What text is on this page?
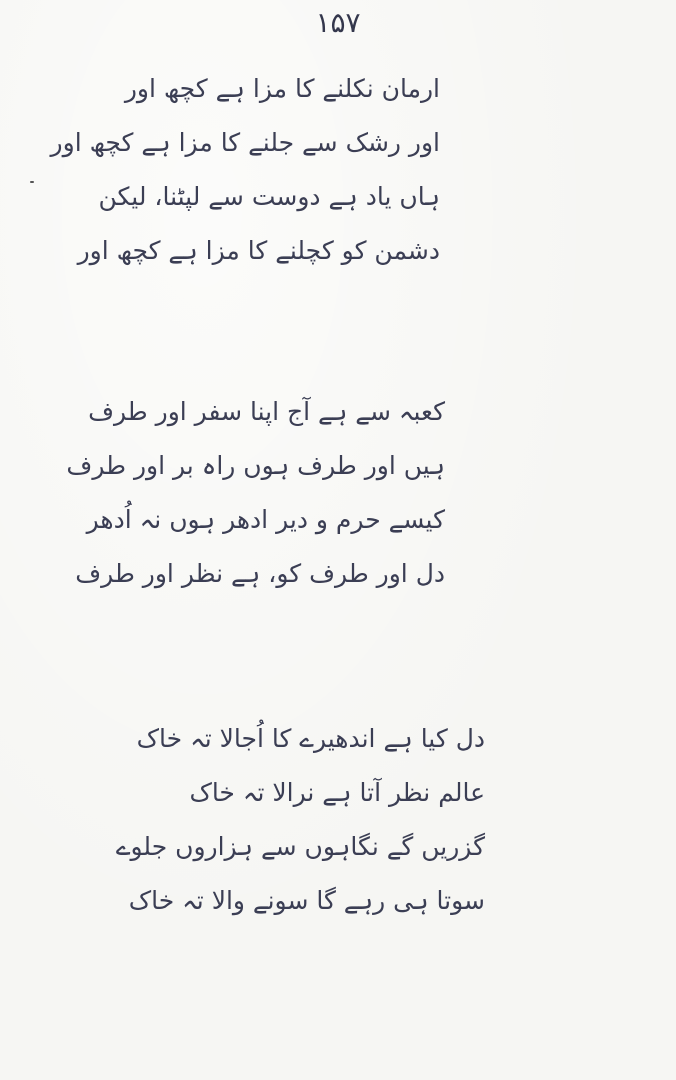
۱۵۷
ارمان نکلنے کا مزا ہے کچھ اور
اور رشک سے جلنے کا مزا ہے کچھ اور
ہاں یاد ہے دوست سے لپٹنا، لیکن
دشمن کو کچلنے کا مزا ہے کچھ اور
کعبہ سے ہے آج اپنا سفر اور طرف
ہیں اور طرف ہوں راہ بر اور طرف
کیسے حرم و دیر ادھر ہوں نہ اُدھر
دل اور طرف کو، ہے نظر اور طرف
دل کیا ہے اندھیرے کا اُجالا تہ خاک
عالم نظر آتا ہے نرالا تہ خاک
گزریں گے نگاہوں سے ہزاروں جلوے
سوتا ہی رہے گا سونے والا تہ خاک
